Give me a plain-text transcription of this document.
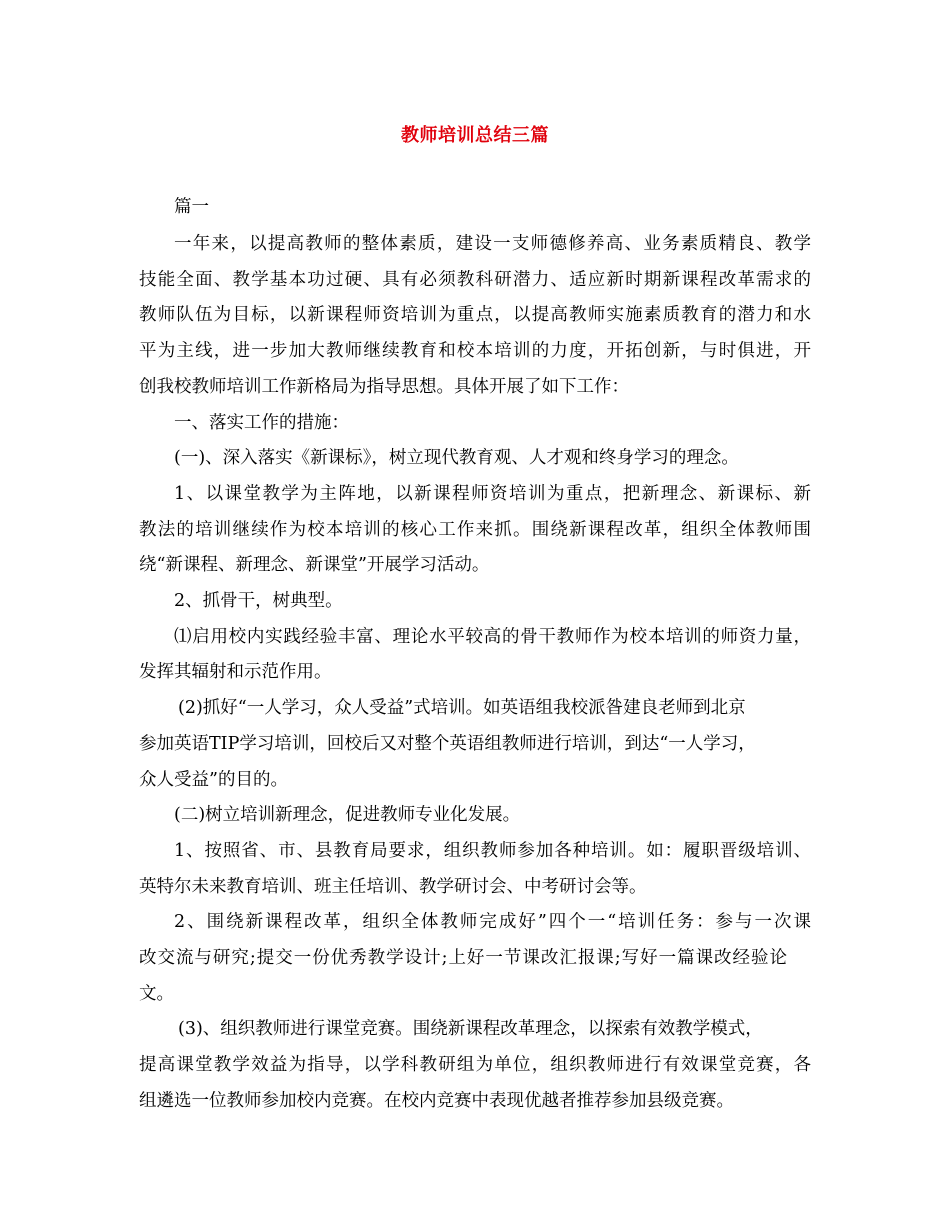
教师培训总结三篇
篇一
一年来，以提高教师的整体素质，建设一支师德修养高、业务素质精良、教学
技能全面、教学基本功过硬、具有必须教科研潜力、适应新时期新课程改革需求的
教师队伍为目标，以新课程师资培训为重点，以提高教师实施素质教育的潜力和水
平为主线，进一步加大教师继续教育和校本培训的力度，开拓创新，与时俱进，开
创我校教师培训工作新格局为指导思想。具体开展了如下工作：
一、落实工作的措施：
(一)、深入落实《新课标》，树立现代教育观、人才观和终身学习的理念。
1、以课堂教学为主阵地，以新课程师资培训为重点，把新理念、新课标、新
教法的培训继续作为校本培训的核心工作来抓。围绕新课程改革，组织全体教师围
绕“新课程、新理念、新课堂”开展学习活动。
2、抓骨干，树典型。
⑴启用校内实践经验丰富、理论水平较高的骨干教师作为校本培训的师资力量，
发挥其辐射和示范作用。
(2)抓好“一人学习，众人受益”式培训。如英语组我校派昝建良老师到北京
参加英语TIP学习培训，回校后又对整个英语组教师进行培训，到达“一人学习，
众人受益”的目的。
(二)树立培训新理念，促进教师专业化发展。
1、按照省、市、县教育局要求，组织教师参加各种培训。如：履职晋级培训、
英特尔未来教育培训、班主任培训、教学研讨会、中考研讨会等。
2、围绕新课程改革，组织全体教师完成好”四个一“培训任务：参与一次课
改交流与研究;提交一份优秀教学设计;上好一节课改汇报课;写好一篇课改经验论
文。
(3)、组织教师进行课堂竞赛。围绕新课程改革理念，以探索有效教学模式，
提高课堂教学效益为指导，以学科教研组为单位，组织教师进行有效课堂竞赛，各
组遴选一位教师参加校内竞赛。在校内竞赛中表现优越者推荐参加县级竞赛。
